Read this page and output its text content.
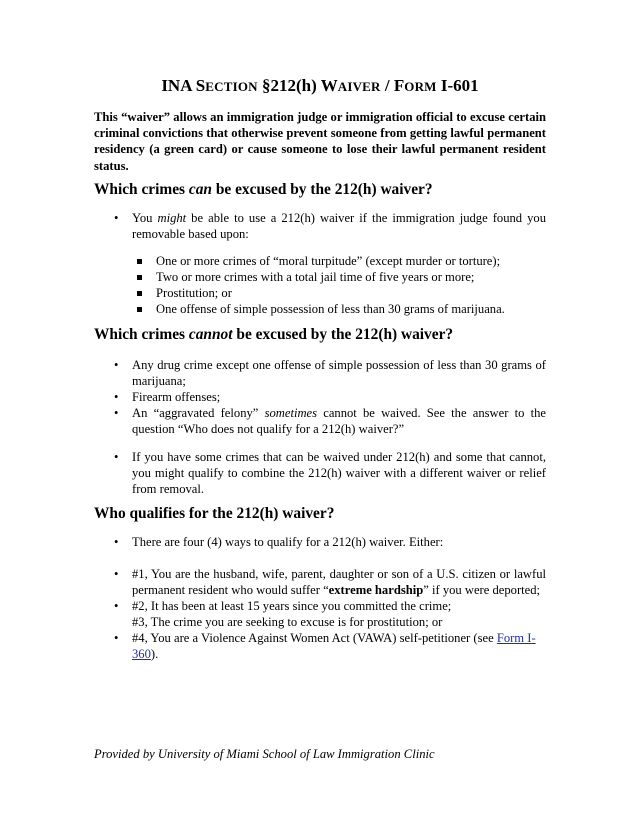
INA SECTION §212(h) WAIVER / FORM I-601

This “waiver” allows an immigration judge or immigration official to excuse certain criminal convictions that otherwise prevent someone from getting lawful permanent residency (a green card) or cause someone to lose their lawful permanent resident status.

Which crimes can be excused by the 212(h) waiver?
•	You might be able to use a 212(h) waiver if the immigration judge found you removable based upon:

One or more crimes of “moral turpitude” (except murder or torture);

Two or more crimes with a total jail time of five years or more;

Prostitution; or

One offense of simple possession of less than 30 grams of marijuana.

Which crimes cannot be excused by the 212(h) waiver?
•	Any drug crime except one offense of simple possession of less than 30 grams of marijuana;

•	Firearm offenses;

•	An “aggravated felony” sometimes cannot be waived. See the answer to the question “Who does not qualify for a 212(h) waiver?”

•	If you have some crimes that can be waived under 212(h) and some that cannot, you might qualify to combine the 212(h) waiver with a different waiver or relief from removal.

Who qualifies for the 212(h) waiver?
•	There are four (4) ways to qualify for a 212(h) waiver. Either:

•	#1, You are the husband, wife, parent, daughter or son of a U.S. citizen or lawful permanent resident who would suffer “extreme hardship” if you were deported;

•	#2, It has been at least 15 years since you committed the crime;

#3, The crime you are seeking to excuse is for prostitution; or

•	#4, You are a Violence Against Women Act (VAWA) self-petitioner (see Form I-
360).

Provided by University of Miami School of Law Immigration Clinic
